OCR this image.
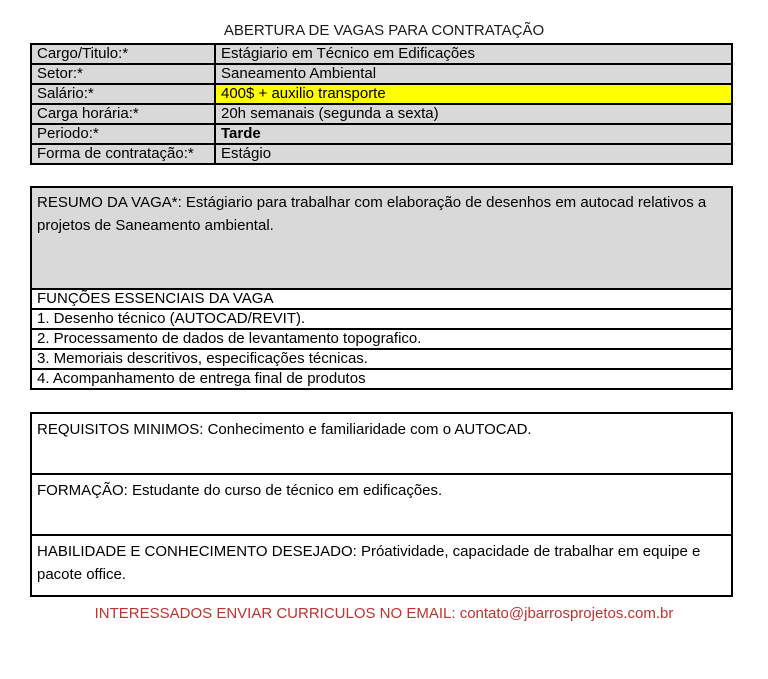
ABERTURA DE VAGAS PARA CONTRATAÇÃO
Cargo/Titulo:*	Estágiario em Técnico em Edificações
Setor:*	Saneamento Ambiental
Salário:*	400$ + auxilio transporte
Carga horária:*	20h semanais (segunda a sexta)
Periodo:*	Tarde
Forma de contratação:*	Estágio
RESUMO DA VAGA*: Estágiario para trabalhar com elaboração de desenhos em autocad relativos a projetos de Saneamento ambiental.
FUNÇÕES ESSENCIAIS DA VAGA
1. Desenho técnico (AUTOCAD/REVIT).
2. Processamento de dados de levantamento topografico.
3. Memoriais descritivos, especificações técnicas.
4. Acompanhamento de entrega final de produtos
REQUISITOS MINIMOS: Conhecimento e familiaridade com o AUTOCAD.
FORMAÇÃO: Estudante do curso de técnico em edificações.
HABILIDADE E CONHECIMENTO DESEJADO: Próatividade, capacidade de trabalhar em equipe e pacote office.
INTERESSADOS ENVIAR CURRICULOS NO EMAIL: contato@jbarrosprojetos.com.br
